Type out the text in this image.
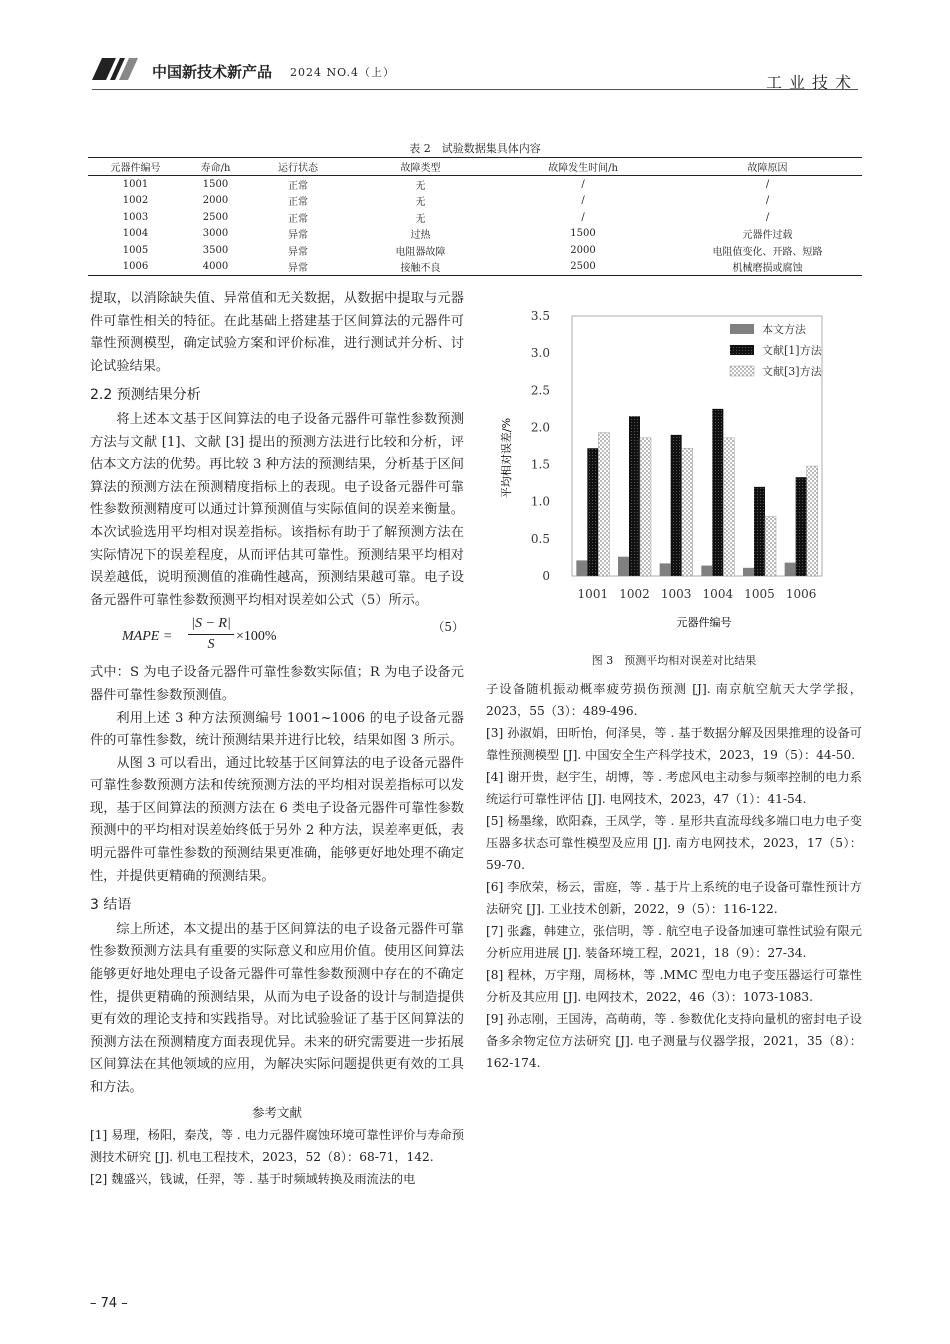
中国新技术新产品 2024 NO.4（上）
工业技术
表 2　试验数据集具体内容
元器件编号	寿命/h	运行状态	故障类型	故障发生时间/h	故障原因
1001	1500	正常	无	/	/
1002	2000	正常	无	/	/
1003	2500	正常	无	/	/
1004	3000	异常	过热	1500	元器件过载
1005	3500	异常	电阻器故障	2000	电阻值变化、开路、短路
1006	4000	异常	接触不良	2500	机械磨损或腐蚀

提取，以消除缺失值、异常值和无关数据，从数据中提取与元器件可靠性相关的特征。在此基础上搭建基于区间算法的元器件可靠性预测模型，确定试验方案和评价标准，进行测试并分析、讨论试验结果。

2.2 预测结果分析

将上述本文基于区间算法的电子设备元器件可靠性参数预测方法与文献 [1]、文献 [3] 提出的预测方法进行比较和分析，评估本文方法的优势。再比较 3 种方法的预测结果，分析基于区间算法的预测方法在预测精度指标上的表现。电子设备元器件可靠性参数预测精度可以通过计算预测值与实际值间的误差来衡量。本次试验选用平均相对误差指标。该指标有助于了解预测方法在实际情况下的误差程度，从而评估其可靠性。预测结果平均相对误差越低，说明预测值的准确性越高，预测结果越可靠。电子设备元器件可靠性参数预测平均相对误差如公式（5）所示。

MAPE = $\frac{|S - R|}{S} \times 100\%$
（5）

式中：S 为电子设备元器件可靠性参数实际值；R 为电子设备元器件可靠性参数预测值。

利用上述 3 种方法预测编号 1001~1006 的电子设备元器件的可靠性参数，统计预测结果并进行比较，结果如图 3 所示。

从图 3 可以看出，通过比较基于区间算法的电子设备元器件可靠性参数预测方法和传统预测方法的平均相对误差指标可以发现，基于区间算法的预测方法在 6 类电子设备元器件可靠性参数预测中的平均相对误差始终低于另外 2 种方法，误差率更低，表明元器件可靠性参数的预测结果更准确，能够更好地处理不确定性，并提供更精确的预测结果。

3 结语

综上所述，本文提出的基于区间算法的电子设备元器件可靠性参数预测方法具有重要的实际意义和应用价值。使用区间算法能够更好地处理电子设备元器件可靠性参数预测中存在的不确定性，提供更精确的预测结果，从而为电子设备的设计与制造提供更有效的理论支持和实践指导。对比试验验证了基于区间算法的预测方法在预测精度方面表现优异。未来的研究需要进一步拓展区间算法在其他领域的应用，为解决实际问题提供更有效的工具和方法。

参考文献

[1] 易理，杨阳，秦茂，等 . 电力元器件腐蚀环境可靠性评价与寿命预测技术研究 [J]. 机电工程技术，2023，52（8）：68-71，142.

[2] 魏盛兴，钱诚，任羿，等 . 基于时频域转换及雨流法的电

0
0.5
1.0
1.5
2.0
2.5
3.0
3.5
1001 1002 1003 1004 1005 1006
平均相对误差/%
元器件编号
本文方法
文献[1]方法
文献[3]方法
图 3　预测平均相对误差对比结果

子设备随机振动概率疲劳损伤预测 [J]. 南京航空航天大学学报，2023，55（3）：489-496.

[3] 孙淑娟，田昕怡，何泽昊，等 . 基于数据分解及因果推理的设备可靠性预测模型 [J]. 中国安全生产科学技术，2023，19（5）：44-50.

[4] 谢开贵，赵宇生，胡博，等 . 考虑风电主动参与频率控制的电力系统运行可靠性评估 [J]. 电网技术，2023，47（1）：41-54.

[5] 杨墨缘，欧阳森，王凤学，等 . 星形共直流母线多端口电力电子变压器多状态可靠性模型及应用 [J]. 南方电网技术，2023，17（5）：59-70.

[6] 李欣荣，杨云，雷庭，等 . 基于片上系统的电子设备可靠性预计方法研究 [J]. 工业技术创新，2022，9（5）：116-122.

[7] 张鑫，韩建立，张信明，等 . 航空电子设备加速可靠性试验有限元分析应用进展 [J]. 装备环境工程，2021，18（9）：27-34.

[8] 程林，万宇翔，周杨林，等 .MMC 型电力电子变压器运行可靠性分析及其应用 [J]. 电网技术，2022，46（3）：1073-1083.

[9] 孙志刚，王国涛，高萌萌，等 . 参数优化支持向量机的密封电子设备多余物定位方法研究 [J]. 电子测量与仪器学报，2021，35（8）：162-174.

– 74 –
